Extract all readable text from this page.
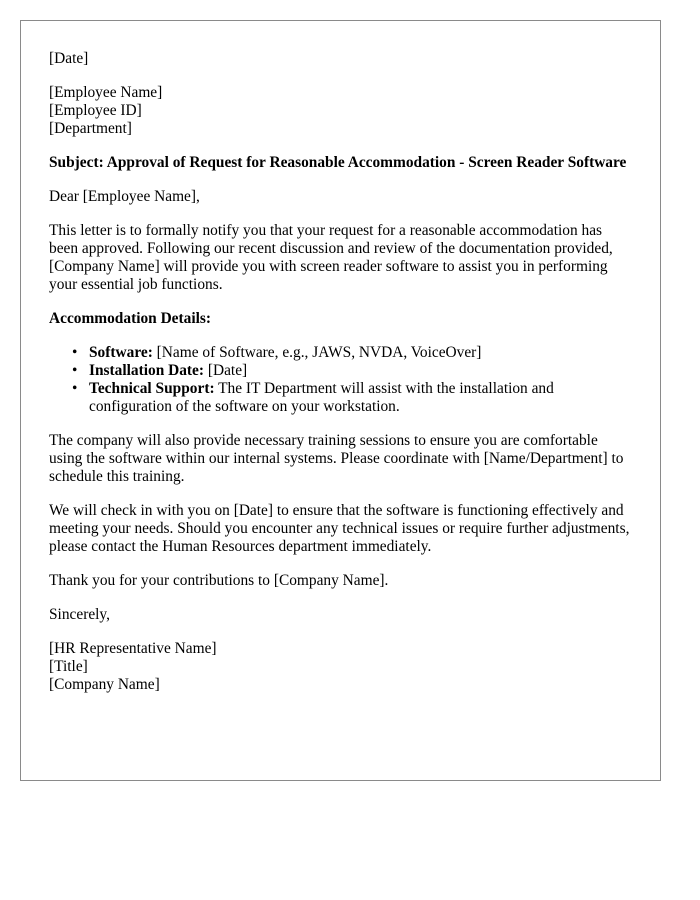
[Date]

[Employee Name]
[Employee ID]
[Department]

Subject: Approval of Request for Reasonable Accommodation - Screen Reader Software

Dear [Employee Name],

This letter is to formally notify you that your request for a reasonable accommodation has been approved. Following our recent discussion and review of the documentation provided, [Company Name] will provide you with screen reader software to assist you in performing your essential job functions.

Accommodation Details:

• Software: [Name of Software, e.g., JAWS, NVDA, VoiceOver]
• Installation Date: [Date]
• Technical Support: The IT Department will assist with the installation and configuration of the software on your workstation.

The company will also provide necessary training sessions to ensure you are comfortable using the software within our internal systems. Please coordinate with [Name/Department] to schedule this training.

We will check in with you on [Date] to ensure that the software is functioning effectively and meeting your needs. Should you encounter any technical issues or require further adjustments, please contact the Human Resources department immediately.

Thank you for your contributions to [Company Name].

Sincerely,

[HR Representative Name]
[Title]
[Company Name]
